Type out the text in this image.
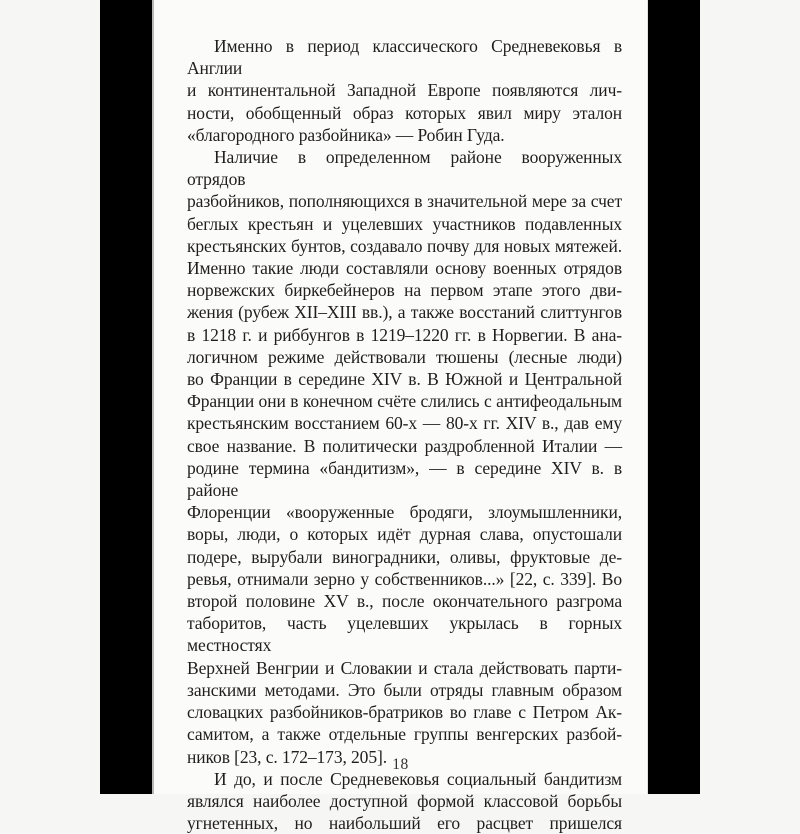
Именно в период классического Средневековья в Англии
и континентальной Западной Европе появляются лич-
ности, обобщенный образ которых явил миру эталон
«благородного разбойника» — Робин Гуда.
Наличие в определенном районе вооруженных отрядов
разбойников, пополняющихся в значительной мере за счет
беглых крестьян и уцелевших участников подавленных
крестьянских бунтов, создавало почву для новых мятежей.
Именно такие люди составляли основу военных отрядов
норвежских биркебейнеров на первом этапе этого дви-
жения (рубеж XII–XIII вв.), а также восстаний слиттунгов
в 1218 г. и риббунгов в 1219–1220 гг. в Норвегии. В ана-
логичном режиме действовали тюшены (лесные люди)
во Франции в середине XIV в. В Южной и Центральной
Франции они в конечном счёте слились с антифеодальным
крестьянским восстанием 60-х — 80-х гг. XIV в., дав ему
свое название. В политически раздробленной Италии —
родине термина «бандитизм», — в середине XIV в. в районе
Флоренции «вооруженные бродяги, злоумышленники,
воры, люди, о которых идёт дурная слава, опустошали
подере, вырубали виноградники, оливы, фруктовые де-
ревья, отнимали зерно у собственников...» [22, с. 339]. Во
второй половине XV в., после окончательного разгрома
таборитов, часть уцелевших укрылась в горных местностях
Верхней Венгрии и Словакии и стала действовать парти-
занскими методами. Это были отряды главным образом
словацких разбойников-братриков во главе с Петром Ак-
самитом, а также отдельные группы венгерских разбой-
ников [23, с. 172–173, 205].
И до, и после Средневековья социальный бандитизм
являлся наиболее доступной формой классовой борьбы
угнетенных, но наибольший его расцвет пришелся
18
